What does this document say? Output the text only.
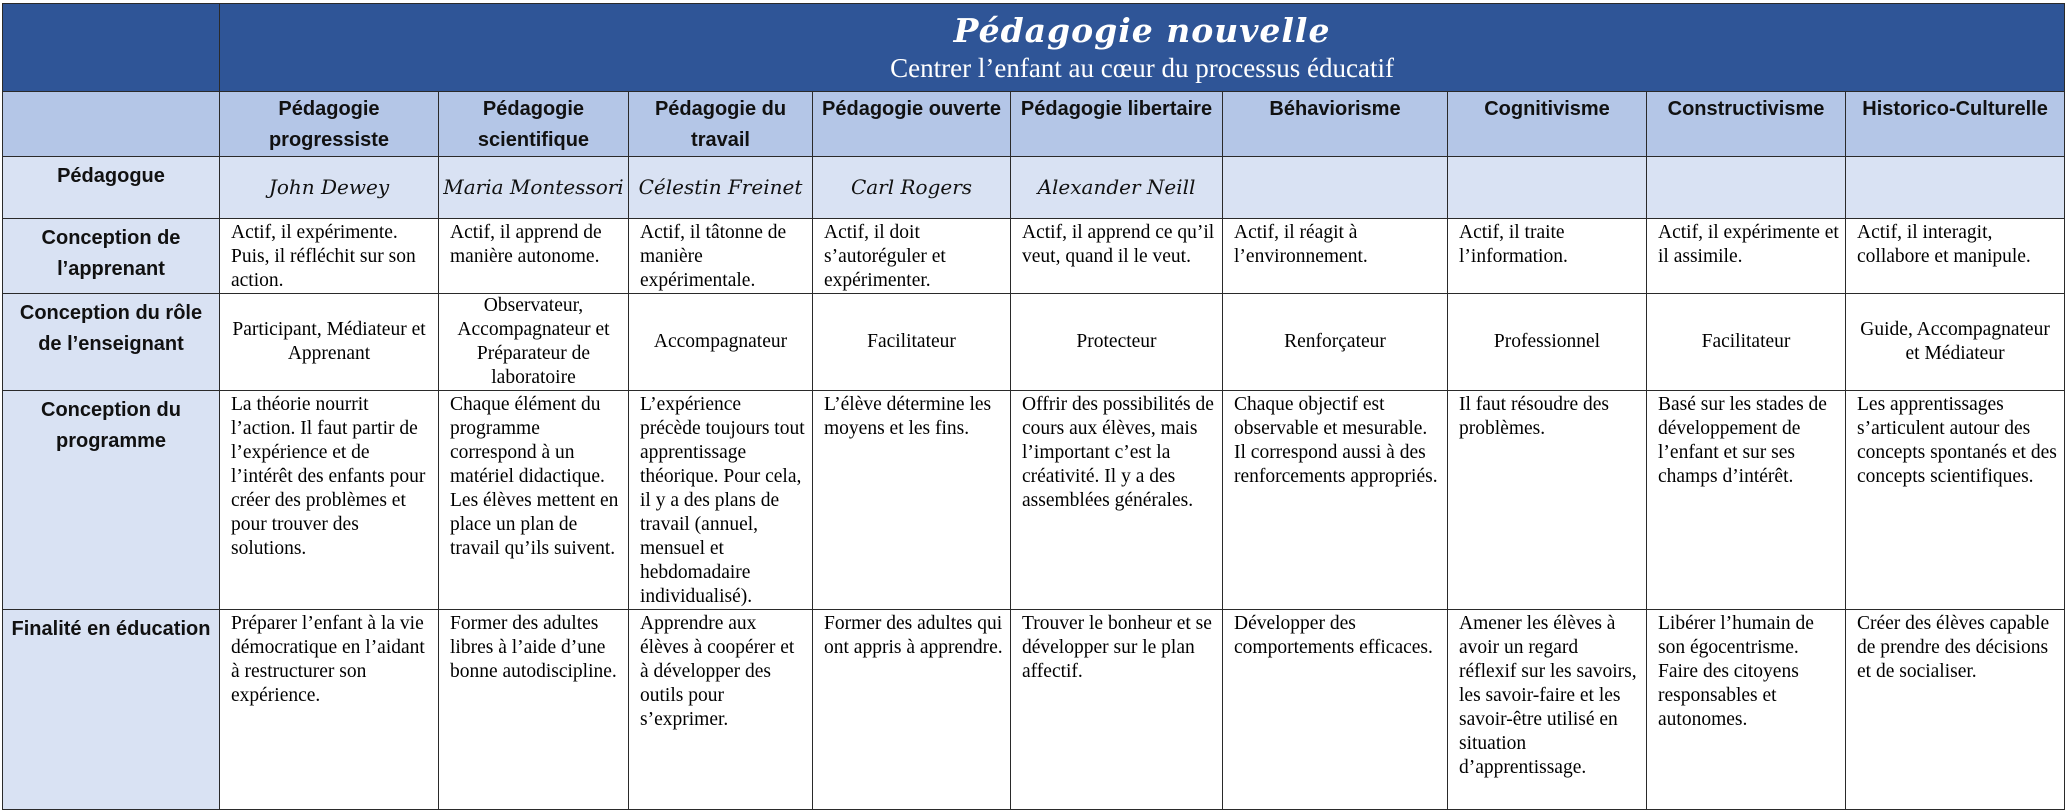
	Pédagogie nouvelle
Centrer l’enfant au cœur du processus éducatif								

	Pédagogie progressiste	Pédagogie scientifique	Pédagogie du travail	Pédagogie ouverte	Pédagogie libertaire	Béhaviorisme	Cognitivisme	Constructivisme	Historico-Culturelle

Pédagogue	John Dewey	Maria Montessori	Célestin Freinet	Carl Rogers	Alexander Neill				

Conception de l’apprenant	Actif, il expérimente. Puis, il réfléchit sur son action.	Actif, il apprend de manière autonome.	Actif, il tâtonne de manière expérimentale.	Actif, il doit s’autoréguler et expérimenter.	Actif, il apprend ce qu’il veut, quand il le veut.	Actif, il réagit à l’environnement.	Actif, il traite l’information.	Actif, il expérimente et il assimile.	Actif, il interagit, collabore et manipule.

Conception du rôle de l’enseignant	Participant, Médiateur et Apprenant	Observateur, Accompagnateur et Préparateur de laboratoire	Accompagnateur	Facilitateur	Protecteur	Renforçateur	Professionnel	Facilitateur	Guide, Accompagnateur et Médiateur

Conception du programme	La théorie nourrit l’action. Il faut partir de l’expérience et de l’intérêt des enfants pour créer des problèmes et pour trouver des solutions.	Chaque élément du programme correspond à un matériel didactique. Les élèves mettent en place un plan de travail qu’ils suivent.	L’expérience précède toujours tout apprentissage théorique. Pour cela, il y a des plans de travail (annuel, mensuel et hebdomadaire individualisé).	L’élève détermine les moyens et les fins.	Offrir des possibilités de cours aux élèves, mais l’important c’est la créativité. Il y a des assemblées générales.	Chaque objectif est observable et mesurable. Il correspond aussi à des renforcements appropriés.	Il faut résoudre des problèmes.	Basé sur les stades de développement de l’enfant et sur ses champs d’intérêt.	Les apprentissages s’articulent autour des concepts spontanés et des concepts scientifiques.

Finalité en éducation	Préparer l’enfant à la vie démocratique en l’aidant à restructurer son expérience.	Former des adultes libres à l’aide d’une bonne autodiscipline.	Apprendre aux élèves à coopérer et à développer des outils pour s’exprimer.	Former des adultes qui ont appris à apprendre.	Trouver le bonheur et se développer sur le plan affectif.	Développer des comportements efficaces.	Amener les élèves à avoir un regard réflexif sur les savoirs, les savoir-faire et les savoir-être utilisé en situation d’apprentissage.	Libérer l’humain de son égocentrisme. Faire des citoyens responsables et autonomes.	Créer des élèves capable de prendre des décisions et de socialiser.
